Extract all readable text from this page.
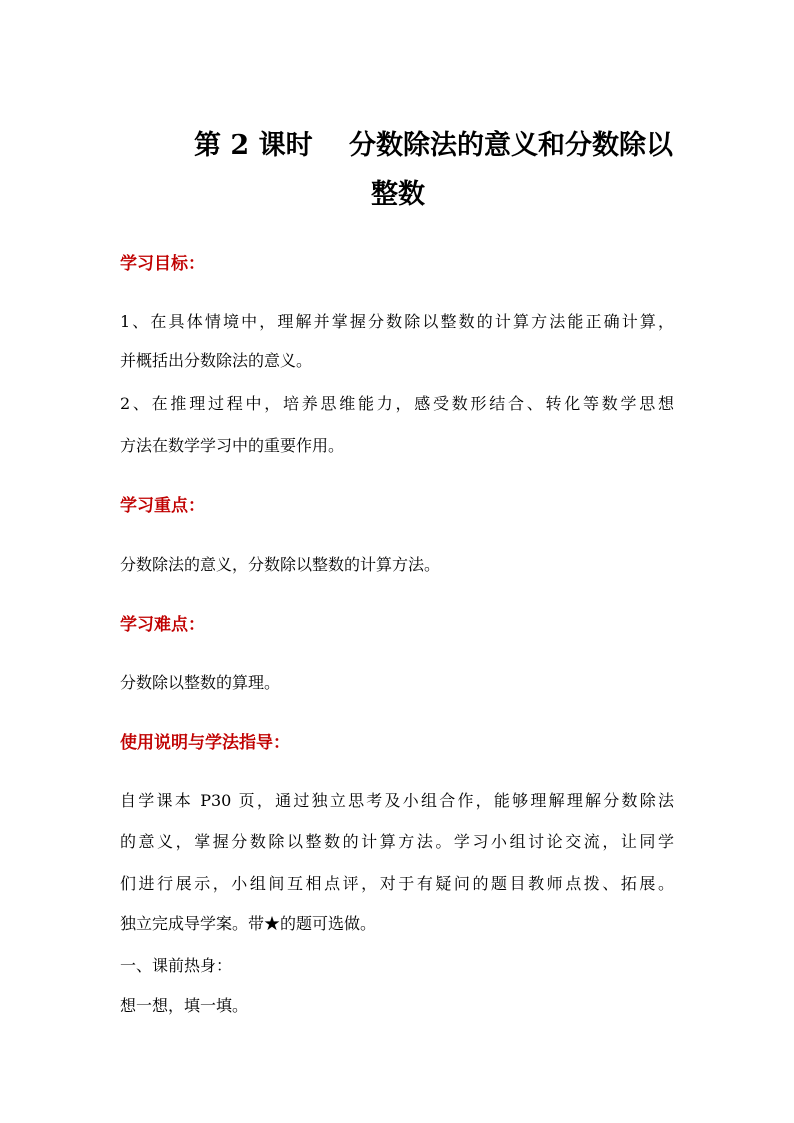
第 2 课时　 分数除法的意义和分数除以
整数
学习目标：
1、在具体情境中，理解并掌握分数除以整数的计算方法能正确计算，
并概括出分数除法的意义。
2、在推理过程中，培养思维能力，感受数形结合、转化等数学思想
方法在数学学习中的重要作用。
学习重点：
分数除法的意义，分数除以整数的计算方法。
学习难点：
分数除以整数的算理。
使用说明与学法指导：
自学课本 P30 页，通过独立思考及小组合作，能够理解理解分数除法
的意义，掌握分数除以整数的计算方法。学习小组讨论交流，让同学
们进行展示，小组间互相点评，对于有疑问的题目教师点拨、拓展。
独立完成导学案。带★的题可选做。
一、课前热身：
想一想，填一填。
